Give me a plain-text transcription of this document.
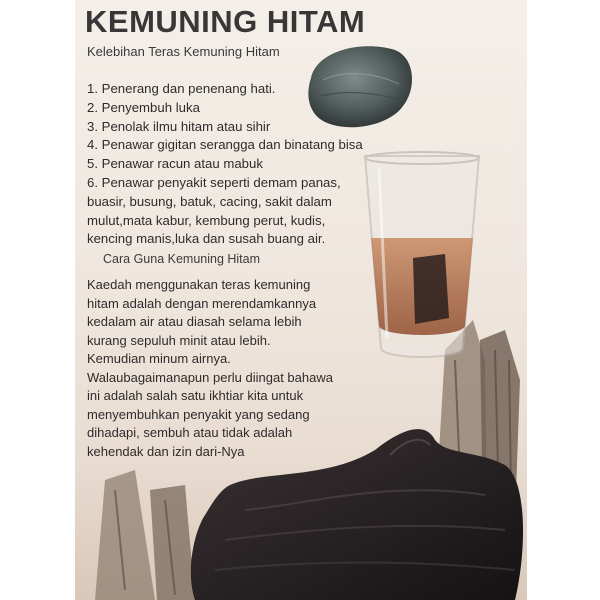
KEMUNING HITAM
Kelebihan Teras Kemuning Hitam
1. Penerang dan penenang hati.
2. Penyembuh luka
3. Penolak ilmu hitam atau sihir
4. Penawar gigitan serangga dan binatang bisa
5. Penawar racun atau mabuk
6. Penawar penyakit seperti demam panas,
buasir, busung, batuk, cacing, sakit dalam
mulut,mata kabur, kembung perut, kudis,
kencing manis,luka dan susah buang air.
Cara Guna Kemuning Hitam

Kaedah menggunakan teras kemuning
hitam adalah dengan merendamkannya
kedalam air atau diasah selama lebih
kurang sepuluh minit atau lebih.
Kemudian minum airnya.
Walaubagaimanapun perlu diingat bahawa
ini adalah salah satu ikhtiar kita untuk
menyembuhkan penyakit yang sedang
dihadapi, sembuh atau tidak adalah
kehendak dan izin dari-Nya
